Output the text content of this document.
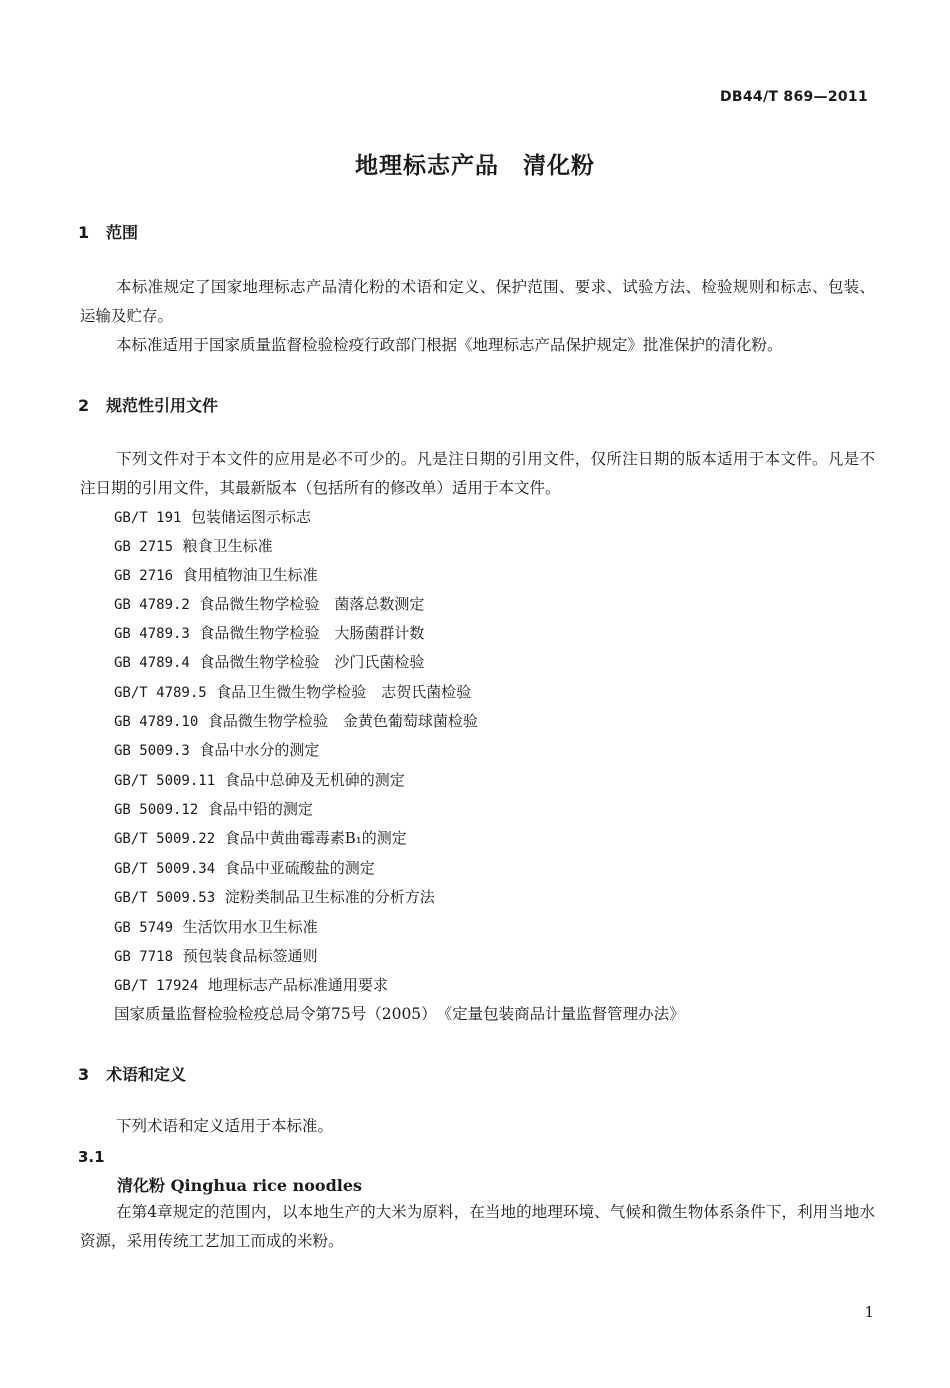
DB44/T 869—2011
地理标志产品　清化粉
1 范围
本标准规定了国家地理标志产品清化粉的术语和定义、保护范围、要求、试验方法、检验规则和标志、包装、运输及贮存。
本标准适用于国家质量监督检验检疫行政部门根据《地理标志产品保护规定》批准保护的清化粉。
2 规范性引用文件
下列文件对于本文件的应用是必不可少的。凡是注日期的引用文件，仅所注日期的版本适用于本文件。凡是不注日期的引用文件，其最新版本（包括所有的修改单）适用于本文件。
GB/T 191 包装储运图示标志
GB 2715 粮食卫生标准
GB 2716 食用植物油卫生标准
GB 4789.2 食品微生物学检验　菌落总数测定
GB 4789.3 食品微生物学检验　大肠菌群计数
GB 4789.4 食品微生物学检验　沙门氏菌检验
GB/T 4789.5 食品卫生微生物学检验　志贺氏菌检验
GB 4789.10 食品微生物学检验　金黄色葡萄球菌检验
GB 5009.3 食品中水分的测定
GB/T 5009.11 食品中总砷及无机砷的测定
GB 5009.12 食品中铅的测定
GB/T 5009.22 食品中黄曲霉毒素B₁的测定
GB/T 5009.34 食品中亚硫酸盐的测定
GB/T 5009.53 淀粉类制品卫生标准的分析方法
GB 5749 生活饮用水卫生标准
GB 7718 预包装食品标签通则
GB/T 17924 地理标志产品标准通用要求
国家质量监督检验检疫总局令第75号（2005）　《定量包装商品计量监督管理办法》
3 术语和定义
下列术语和定义适用于本标准。
3.1
清化粉 Qinghua rice noodles
在第4章规定的范围内，以本地生产的大米为原料，在当地的地理环境、气候和微生物体系条件下，利用当地水资源，采用传统工艺加工而成的米粉。
1
